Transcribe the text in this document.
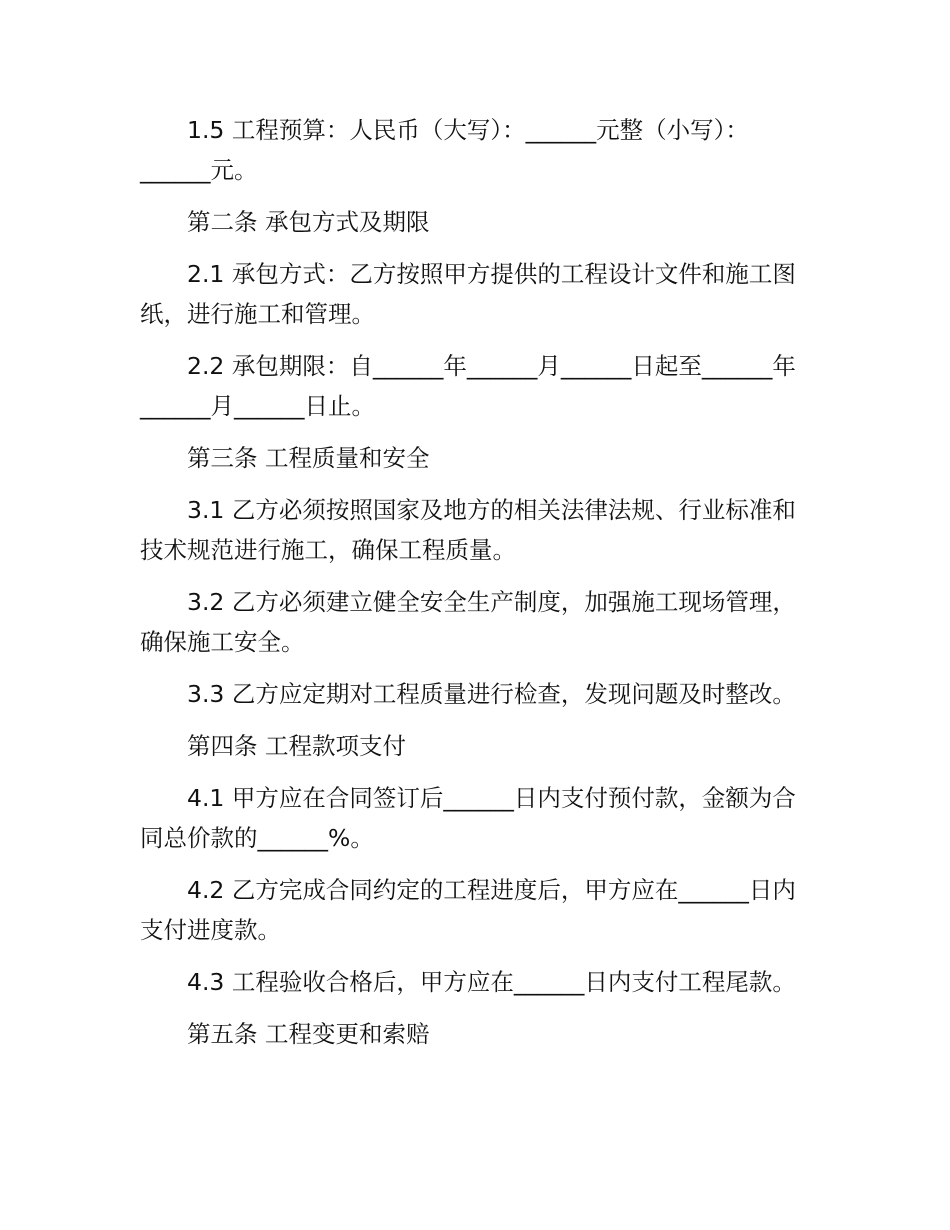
1.5 工程预算：人民币（大写）：______元整（小写）：______元。

第二条 承包方式及期限

2.1 承包方式：乙方按照甲方提供的工程设计文件和施工图纸，进行施工和管理。

2.2 承包期限：自______年______月______日起至______年______月______日止。

第三条 工程质量和安全

3.1 乙方必须按照国家及地方的相关法律法规、行业标准和技术规范进行施工，确保工程质量。

3.2 乙方必须建立健全安全生产制度，加强施工现场管理，确保施工安全。

3.3 乙方应定期对工程质量进行检查，发现问题及时整改。

第四条 工程款项支付

4.1 甲方应在合同签订后______日内支付预付款，金额为合同总价款的______%。

4.2 乙方完成合同约定的工程进度后，甲方应在______日内支付进度款。

4.3 工程验收合格后，甲方应在______日内支付工程尾款。

第五条 工程变更和索赔
